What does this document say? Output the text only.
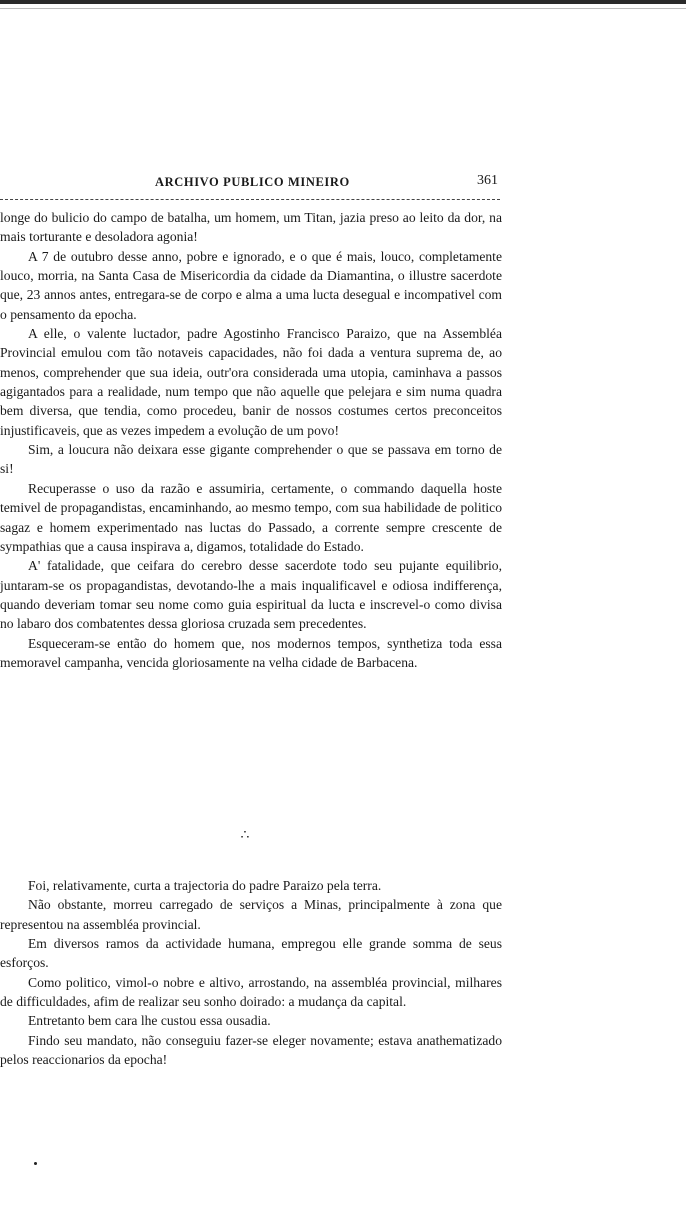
ARCHIVO PUBLICO MINEIRO	361

longe do bulicio do campo de batalha, um homem, um Titan, jazia preso ao leito da dor, na mais torturante e desoladora agonia!

A 7 de outubro desse anno, pobre e ignorado, e o que é mais, louco, completamente louco, morria, na Santa Casa de Misericordia da cidade da Diamantina, o illustre sacerdote que, 23 annos antes, entregara-se de corpo e alma a uma lucta desegual e incompativel com o pensamento da epocha.

A elle, o valente luctador, padre Agostinho Francisco Paraizo, que na Assembléa Provincial emulou com tão notaveis capacidades, não foi dada a ventura suprema de, ao menos, comprehender que sua ideia, outr'ora considerada uma utopia, caminhava a passos agigantados para a realidade, num tempo que não aquelle que pelejara e sim numa quadra bem diversa, que tendia, como procedeu, banir de nossos costumes certos preconceitos injustificaveis, que as vezes impedem a evolução de um povo!

Sim, a loucura não deixara esse gigante comprehender o que se passava em torno de si!

Recuperasse o uso da razão e assumiria, certamente, o commando daquella hoste temivel de propagandistas, encaminhando, ao mesmo tempo, com sua habilidade de politico sagaz e homem experimentado nas luctas do Passado, a corrente sempre crescente de sympathias que a causa inspirava a, digamos, totalidade do Estado.

A' fatalidade, que ceifara do cerebro desse sacerdote todo seu pujante equilibrio, juntaram-se os propagandistas, devotando-lhe a mais inqualificavel e odiosa indifferença, quando deveriam tomar seu nome como guia espiritual da lucta e inscrevel-o como divisa no labaro dos combatentes dessa gloriosa cruzada sem precedentes.

Esqueceram-se então do homem que, nos modernos tempos, synthetiza toda essa memoravel campanha, vencida gloriosamente na velha cidade de Barbacena.

∴

Foi, relativamente, curta a trajectoria do padre Paraizo pela terra.

Não obstante, morreu carregado de serviços a Minas, principalmente à zona que representou na assembléa provincial.

Em diversos ramos da actividade humana, empregou elle grande somma de seus esforços.

Como politico, vimol-o nobre e altivo, arrostando, na assembléa provincial, milhares de difficuldades, afim de realizar seu sonho doirado: a mudança da capital.

Entretanto bem cara lhe custou essa ousadia.

Findo seu mandato, não conseguiu fazer-se eleger novamente; estava anathematizado pelos reaccionarios da epocha!
